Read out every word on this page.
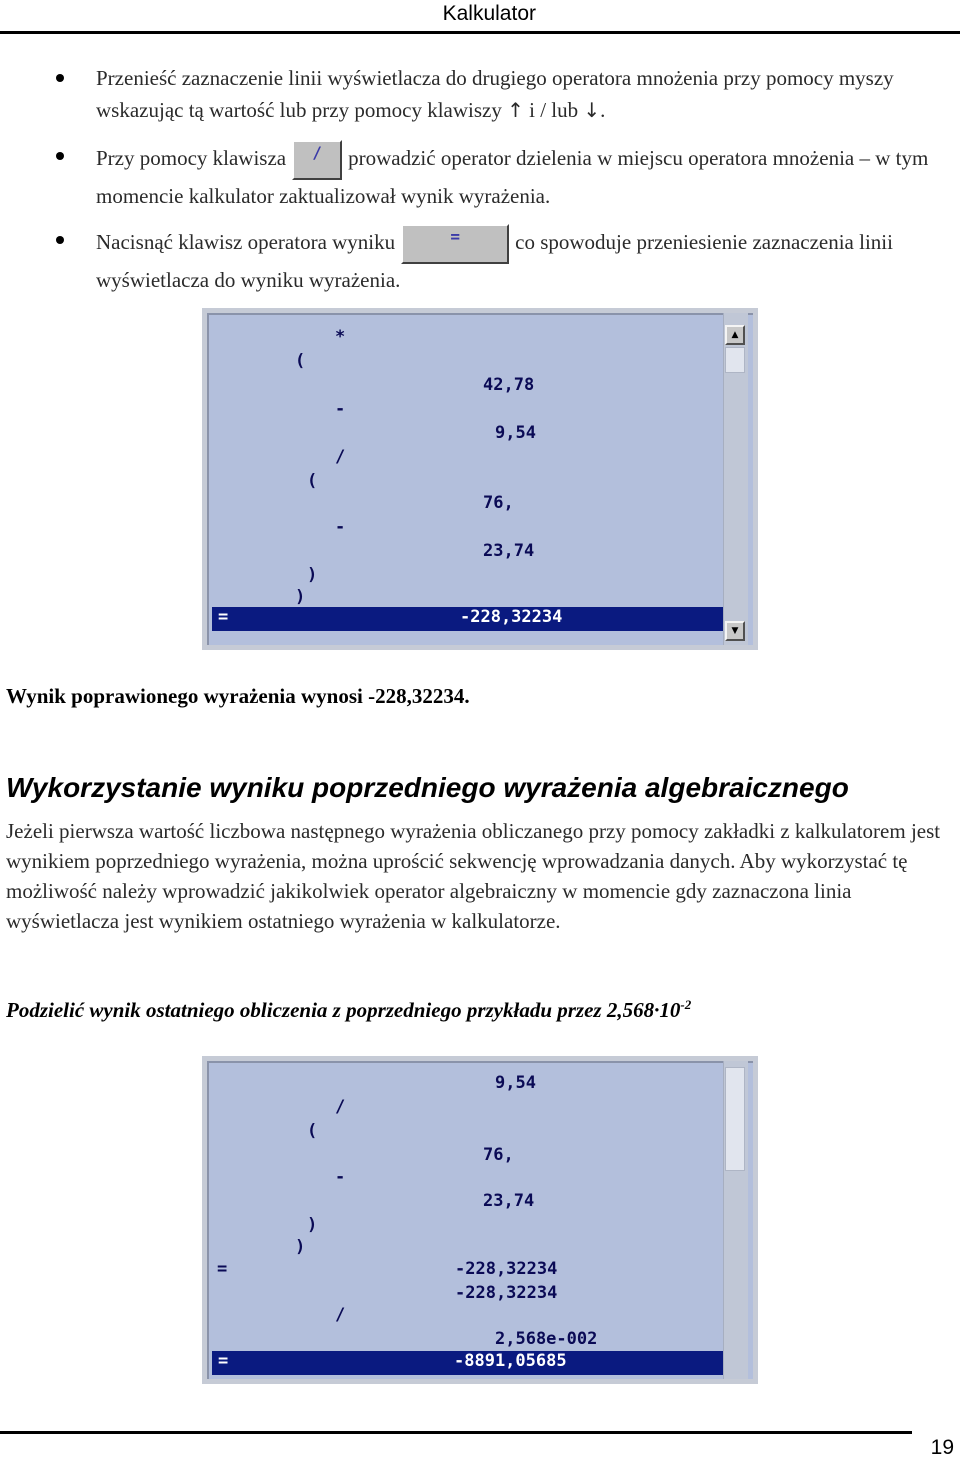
Kalkulator
Przenieść zaznaczenie linii wyświetlacza do drugiego operatora mnożenia przy pomocy myszy wskazując tą wartość lub przy pomocy klawiszy ↑ i / lub ↓.
Przy pomocy klawisza / prowadzić operator dzielenia w miejscu operatora mnożenia – w tym momencie kalkulator zaktualizował wynik wyrażenia.
Nacisnąć klawisz operatora wyniku	=	co spowoduje przeniesienie zaznaczenia linii wyświetlacza do wyniku wyrażenia.
*
(
42,78
-
9,54
/
(
76,
-
23,74
)
)
=	-228,32234
▲
▼
Wynik poprawionego wyrażenia wynosi -228,32234.
Wykorzystanie wyniku poprzedniego wyrażenia algebraicznego

Jeżeli pierwsza wartość liczbowa następnego wyrażenia obliczanego przy pomocy zakładki z kalkulatorem jest wynikiem poprzedniego wyrażenia, można uprościć sekwencję wprowadzania danych. Aby wykorzystać tę możliwość należy wprowadzić jakikolwiek operator algebraiczny w momencie gdy zaznaczona linia wyświetlacza jest wynikiem ostatniego wyrażenia w kalkulatorze.

Podzielić wynik ostatniego obliczenia z poprzedniego przykładu przez $2,568\cdot 10^{-2}$
9,54
/
(
76,
-
23,74
)
)
=	-228,32234
-228,32234
/
2,568e-002
=	-8891,05685
19
